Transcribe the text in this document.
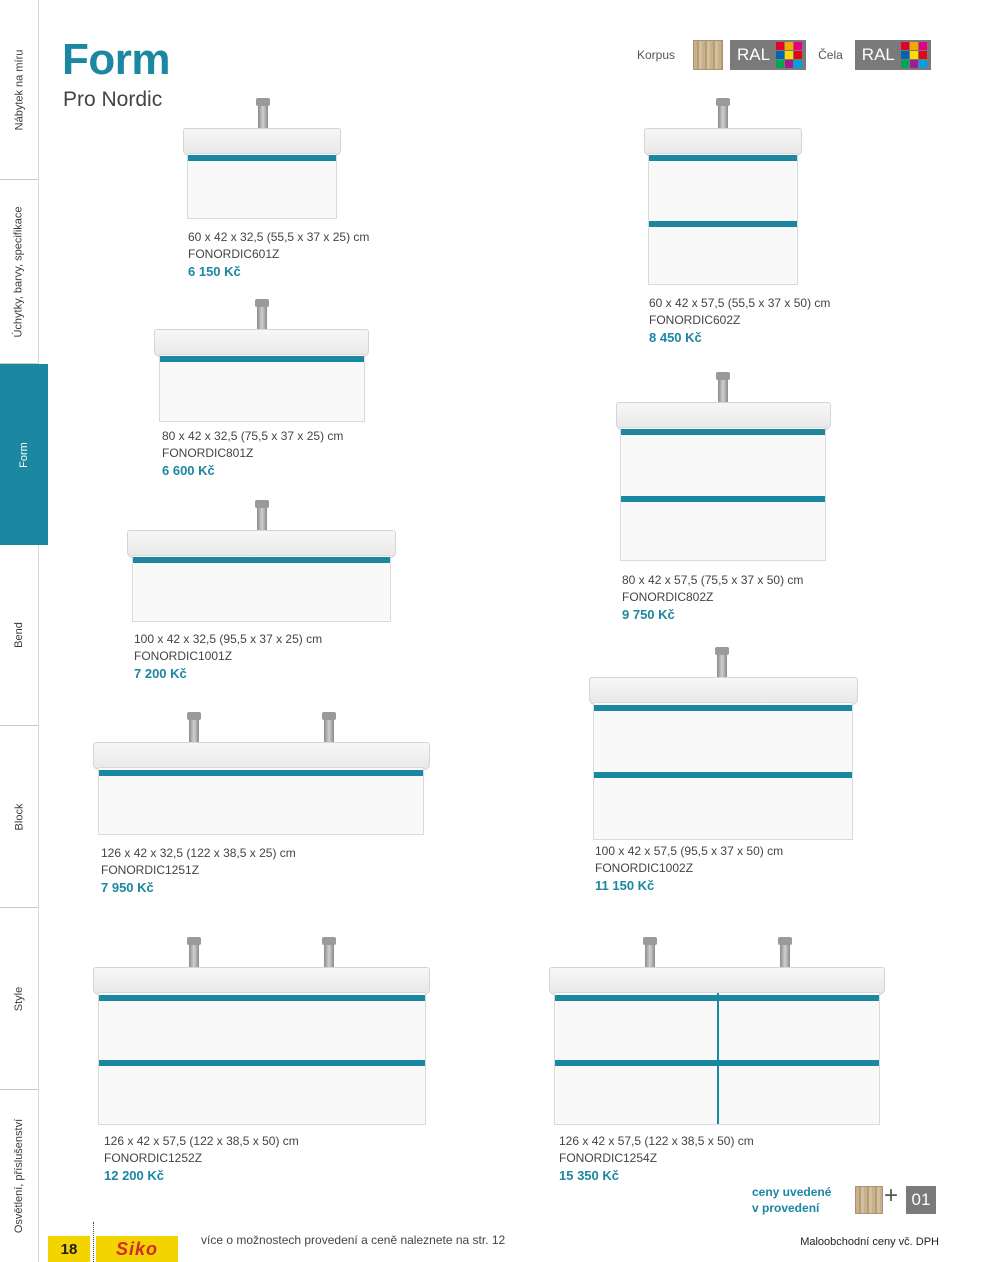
Nábytek na míru
Úchytky, barvy, specifikace
Form
Bend
Block
Style
Osvětlení, příslušenství
Form
Pro Nordic
Korpus	RAL	Čela RAL
60 x 42 x 32,5 (55,5 x 37 x 25) cm
FONORDIC601Z
6 150 Kč
60 x 42 x 57,5 (55,5 x 37 x 50) cm
FONORDIC602Z
8 450 Kč
80 x 42 x 32,5 (75,5 x 37 x 25) cm
FONORDIC801Z
6 600 Kč
80 x 42 x 57,5 (75,5 x 37 x 50) cm
FONORDIC802Z
9 750 Kč
100 x 42 x 32,5 (95,5 x 37 x 25) cm
FONORDIC1001Z
7 200 Kč
100 x 42 x 57,5 (95,5 x 37 x 50) cm
FONORDIC1002Z
11 150 Kč
126 x 42 x 32,5 (122 x 38,5 x 25) cm
FONORDIC1251Z
7 950 Kč
126 x 42 x 57,5 (122 x 38,5 x 50) cm
FONORDIC1252Z
12 200 Kč
126 x 42 x 57,5 (122 x 38,5 x 50) cm
FONORDIC1254Z
15 350 Kč
ceny uvedené
v provedení	+ 01
18	Siko	více o možnostech provedení a ceně naleznete na str. 12	Maloobchodní ceny vč. DPH
